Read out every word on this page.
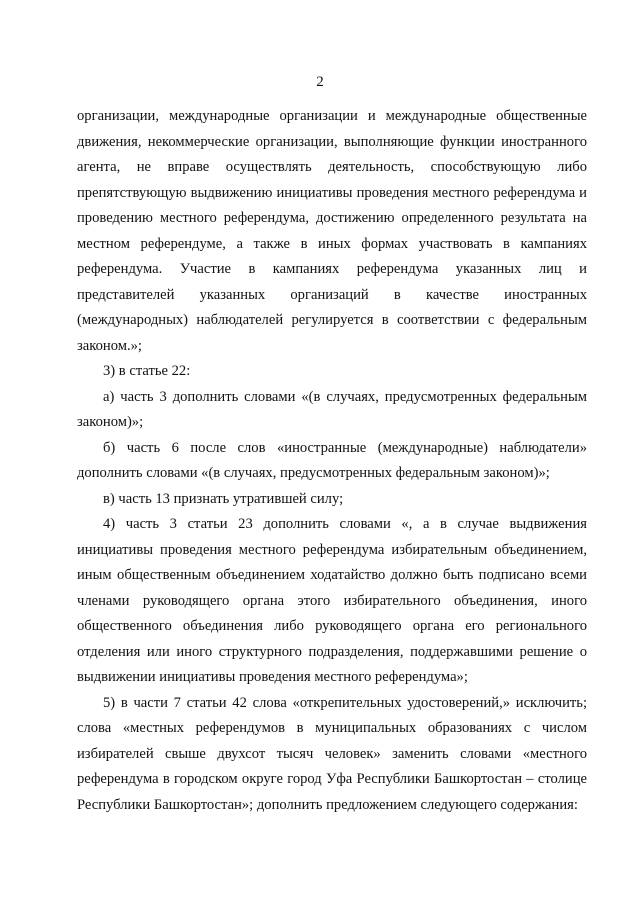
2

организации, международные организации и международные общественные движения, некоммерческие организации, выполняющие функции иностранного агента, не вправе осуществлять деятельность, способствующую либо препятствующую выдвижению инициативы проведения местного референдума и проведению местного референдума, достижению определенного результата на местном референдуме, а также в иных формах участвовать в кампаниях референдума. Участие в кампаниях референдума указанных лиц и представителей указанных организаций в качестве иностранных (международных) наблюдателей регулируется в соответствии с федеральным законом.»;

3) в статье 22:

а) часть 3 дополнить словами «(в случаях, предусмотренных федеральным законом)»;

б) часть 6 после слов «иностранные (международные) наблюдатели» дополнить словами «(в случаях, предусмотренных федеральным законом)»;

в) часть 13 признать утратившей силу;

4) часть 3 статьи 23 дополнить словами «, а в случае выдвижения инициативы проведения местного референдума избирательным объединением, иным общественным объединением ходатайство должно быть подписано всеми членами руководящего органа этого избирательного объединения, иного общественного объединения либо руководящего органа его регионального отделения или иного структурного подразделения, поддержавшими решение о выдвижении инициативы проведения местного референдума»;

5) в части 7 статьи 42 слова «открепительных удостоверений,» исключить; слова «местных референдумов в муниципальных образованиях с числом избирателей свыше двухсот тысяч человек» заменить словами «местного референдума в городском округе город Уфа Республики Башкортостан – столице Республики Башкортостан»; дополнить предложением следующего содержания:
